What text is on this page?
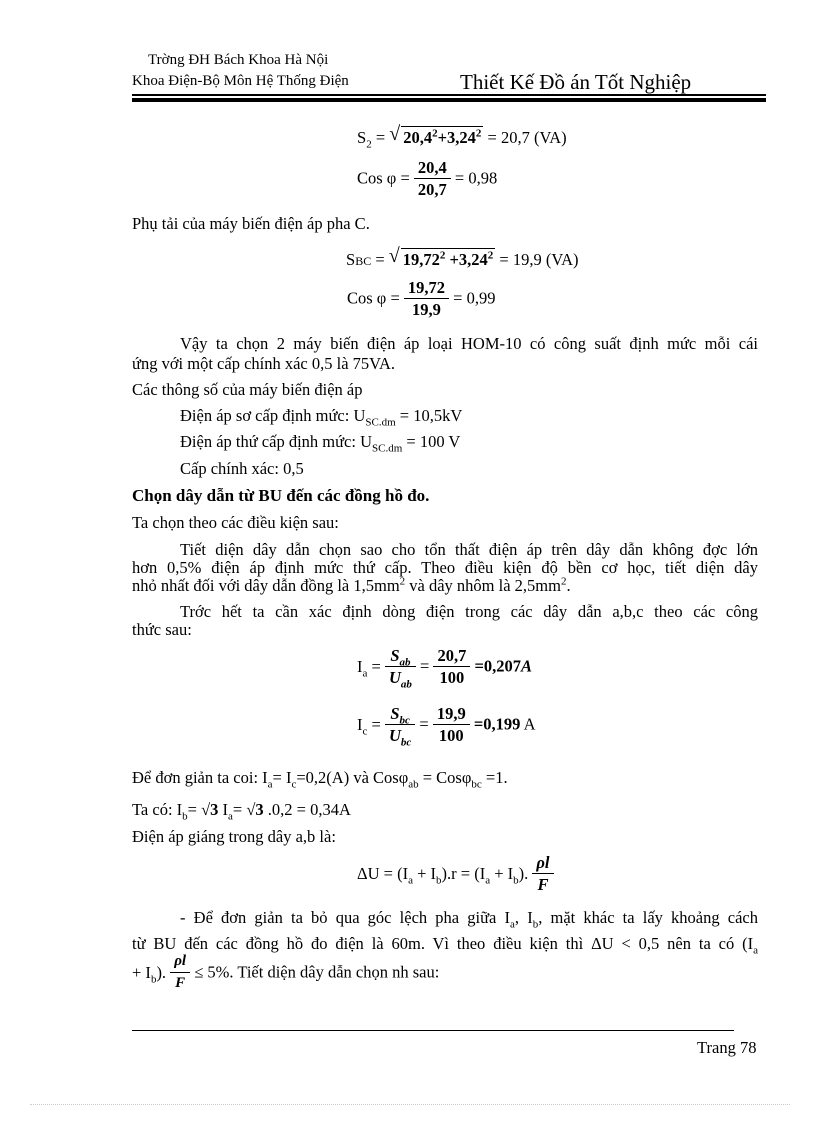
Trờng ĐH Bách Khoa Hà Nội
Khoa Điện-Bộ Môn Hệ Thống Điện	Thiết Kế Đồ án Tốt Nghiệp
$S_2$ = √ $20,4^2+3,24^2 = 20,7$ (VA)
Cos $\varphi = \frac{20,4}{20,7} = 0,98$
Phụ tải của máy biến điện áp pha C.
SBC = √ $19,72^2 +3,24^2 = 19,9$ (VA)
Cos $\varphi = \frac{19,72}{19,9} = 0,99$
Vậy ta chọn 2 máy biến điện áp loại HOM-10 có công suất định mức mỗi cái
ứng với một cấp chính xác 0,5 là 75VA.
Các thông số của máy biến điện áp
Điện áp sơ cấp định mức: $U_{SC.dm} = 10,5kV$
Điện áp thứ cấp định mức: $U_{SC.dm} = 100$ V
Cấp chính xác: 0,5
Chọn dây dẫn từ BU đến các đồng hồ đo.
Ta chọn theo các điều kiện sau:
Tiết diện dây dẫn chọn sao cho tổn thất điện áp trên dây dẫn không đợc lớn
hơn 0,5% điện áp định mức thứ cấp. Theo điều kiện độ bền cơ học, tiết diện dây
nhỏ nhất đối với dây dẫn đồng là $1,5mm^2$ và dây nhôm là $2,5mm^2$.
Trớc hết ta cần xác định dòng điện trong các dây dẫn a,b,c theo các công
thức sau:
$I_a = \frac{S_{ab}}{U_{ab}} = \frac{20,7}{100} =0,207A$
$I_c = \frac{S_{bc}}{U_{bc}} = \frac{19,9}{100} =0,199$ A
Để đơn giản ta coi: $I_a= I_c=0,2(A)$ và Cosφ$_{ab}$ = Cosφ$_{bc}$ =1.
Ta có: $I_b= √3$ $I_a= √3$ .0,2 = 0,34A
Điện áp giáng trong dây a,b là:
$\Delta U = (I_a + I_b).r = (I_a + I_b)$. $\frac{\rho l}{F}$
- Để đơn giản ta bỏ qua góc lệch pha giữa $I_a$, $I_b$, mặt khác ta lấy khoảng cách
từ BU đến các đồng hồ đo điện là 60m. Vì theo điều kiện thì ΔU < 0,5 nên ta có ($I_a$
+ $I_b$). $\frac{\rho l}{F} \le 5\%$. Tiết diện dây dẫn chọn nh sau:
Trang 78
